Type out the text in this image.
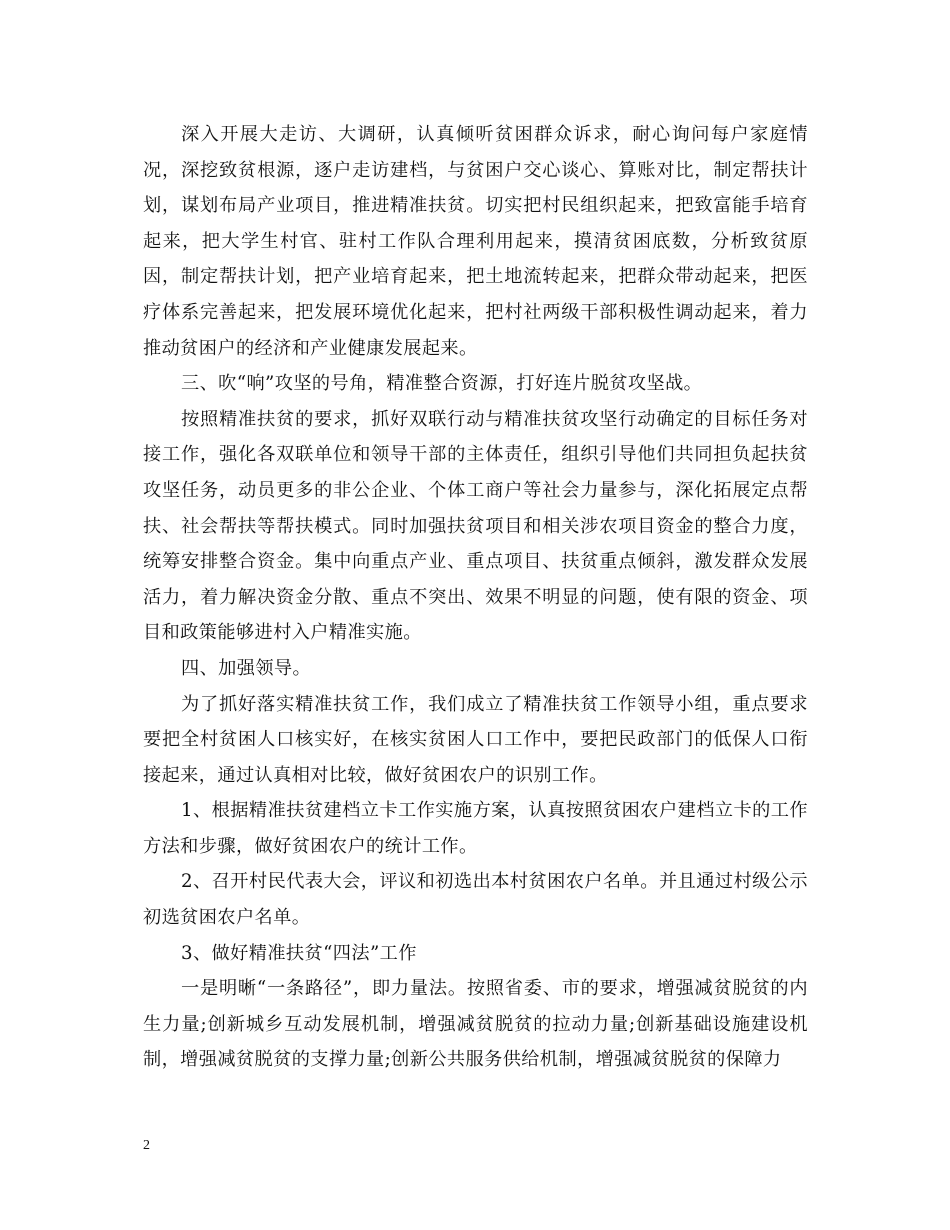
深入开展大走访、大调研，认真倾听贫困群众诉求，耐心询问每户家庭情况，深挖致贫根源，逐户走访建档，与贫困户交心谈心、算账对比，制定帮扶计划，谋划布局产业项目，推进精准扶贫。切实把村民组织起来，把致富能手培育起来，把大学生村官、驻村工作队合理利用起来，摸清贫困底数，分析致贫原因，制定帮扶计划，把产业培育起来，把土地流转起来，把群众带动起来，把医疗体系完善起来，把发展环境优化起来，把村社两级干部积极性调动起来，着力推动贫困户的经济和产业健康发展起来。

三、吹“响”攻坚的号角，精准整合资源，打好连片脱贫攻坚战。

按照精准扶贫的要求，抓好双联行动与精准扶贫攻坚行动确定的目标任务对接工作，强化各双联单位和领导干部的主体责任，组织引导他们共同担负起扶贫攻坚任务，动员更多的非公企业、个体工商户等社会力量参与，深化拓展定点帮扶、社会帮扶等帮扶模式。同时加强扶贫项目和相关涉农项目资金的整合力度，统筹安排整合资金。集中向重点产业、重点项目、扶贫重点倾斜，激发群众发展活力，着力解决资金分散、重点不突出、效果不明显的问题，使有限的资金、项目和政策能够进村入户精准实施。

四、加强领导。

为了抓好落实精准扶贫工作，我们成立了精准扶贫工作领导小组，重点要求要把全村贫困人口核实好，在核实贫困人口工作中，要把民政部门的低保人口衔接起来，通过认真相对比较，做好贫困农户的识别工作。

1、根据精准扶贫建档立卡工作实施方案，认真按照贫困农户建档立卡的工作方法和步骤，做好贫困农户的统计工作。

2、召开村民代表大会，评议和初选出本村贫困农户名单。并且通过村级公示初选贫困农户名单。

3、做好精准扶贫“四法”工作

一是明晰“一条路径”，即力量法。按照省委、市的要求，增强减贫脱贫的内生力量;创新城乡互动发展机制，增强减贫脱贫的拉动力量;创新基础设施建设机制，增强减贫脱贫的支撑力量;创新公共服务供给机制，增强减贫脱贫的保障力

2
